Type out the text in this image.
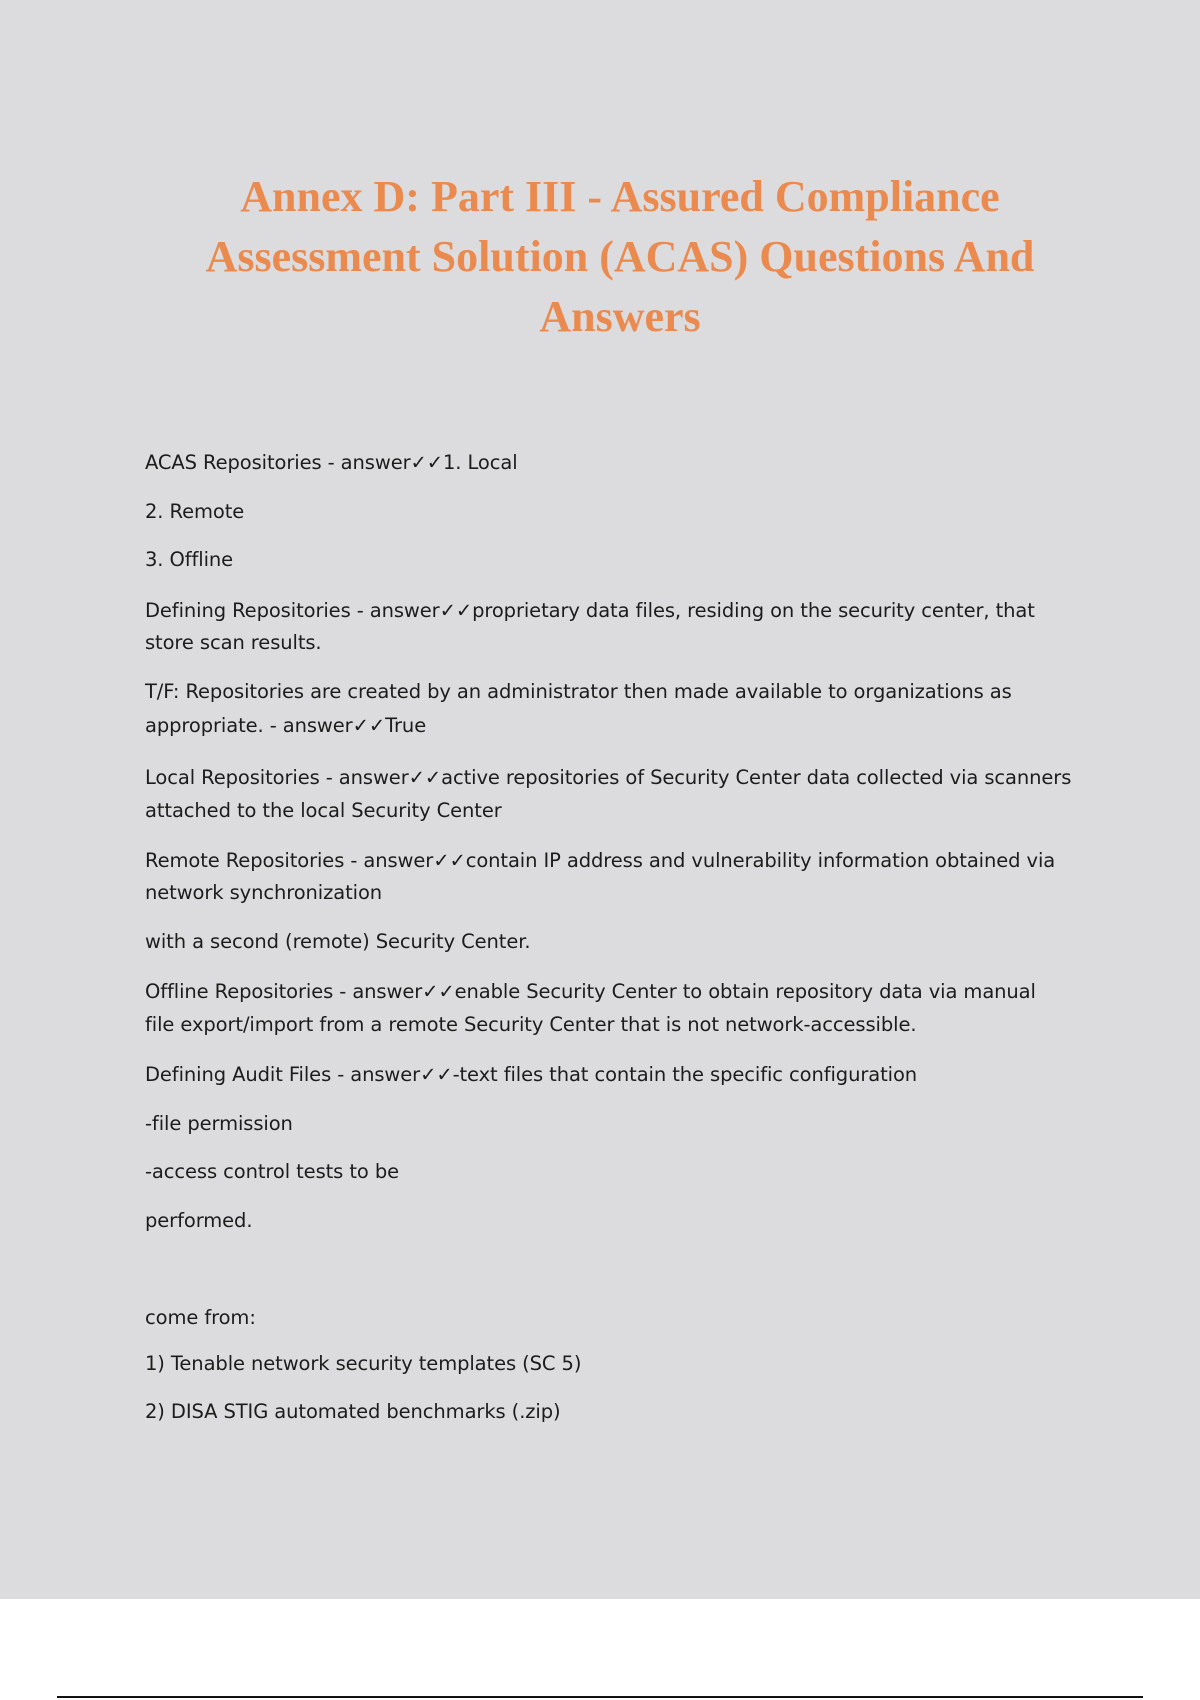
Annex D: Part III - Assured Compliance
Assessment Solution (ACAS) Questions And
Answers

ACAS Repositories - answer✓✓1. Local

2. Remote

3. Offline

Defining Repositories - answer✓✓proprietary data files, residing on the security center, that

store scan results.

T/F: Repositories are created by an administrator then made available to organizations as

appropriate. - answer✓✓True

Local Repositories - answer✓✓active repositories of Security Center data collected via scanners

attached to the local Security Center

Remote Repositories - answer✓✓contain IP address and vulnerability information obtained via

network synchronization

with a second (remote) Security Center.

Offline Repositories - answer✓✓enable Security Center to obtain repository data via manual

file export/import from a remote Security Center that is not network-accessible.

Defining Audit Files - answer✓✓-text files that contain the specific configuration

-file permission

-access control tests to be

performed.

come from:

1) Tenable network security templates (SC 5)

2) DISA STIG automated benchmarks (.zip)
